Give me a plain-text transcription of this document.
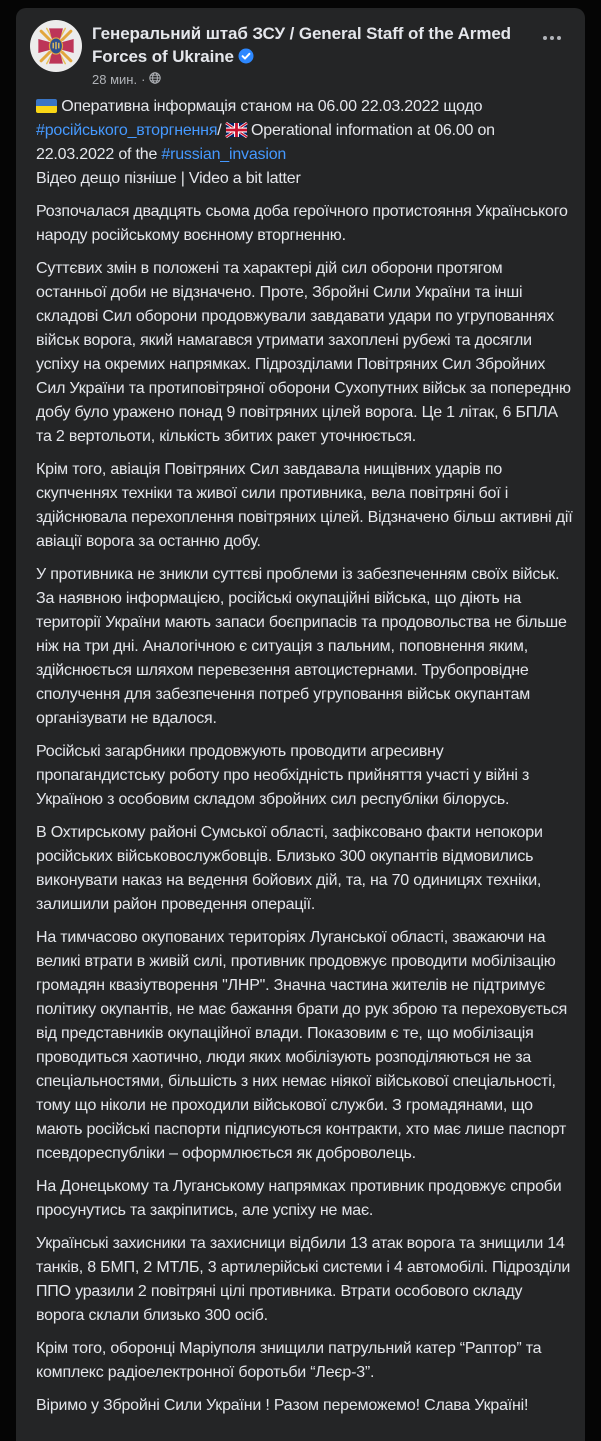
Генеральний штаб ЗСУ / General Staff of the Armed Forces of Ukraine
28 мин. ·

Оперативна інформація станом на 06.00 22.03.2022 щодо #російського_вторгнення/  Operational information at 06.00 on 22.03.2022 of the #russian_invasion

Відео дещо пізніше | Video a bit latter

Розпочалася двадцять сьома доба героїчного протистояння Українського народу російському воєнному вторгненню.

Суттєвих змін в положені та характері дій сил оборони протягом останньої доби не відзначено. Проте, Збройні Сили України та інші складові Сил оборони продовжували завдавати удари по угрупованнях військ ворога, який намагався утримати захоплені рубежі та досягли успіху на окремих напрямках. Підрозділами Повітряних Сил Збройних Сил України та протиповітряної оборони Сухопутних військ за попередню добу було уражено понад 9 повітряних цілей ворога. Це 1 літак, 6 БПЛА та 2 вертольоти, кількість збитих ракет уточнюється.

Крім того, авіація Повітряних Сил завдавала нищівних ударів по скупченнях техніки та живої сили противника, вела повітряні бої і здійснювала перехоплення повітряних цілей. Відзначено більш активні дії авіації ворога за останню добу.

У противника не зникли суттєві проблеми із забезпеченням своїх військ. За наявною інформацією, російські окупаційні війська, що діють на території України мають запаси боєприпасів та продовольства не більше ніж на три дні. Аналогічною є ситуація з пальним, поповнення яким, здійснюється шляхом перевезення автоцистернами. Трубопровідне сполучення для забезпечення потреб угруповання військ окупантам організувати не вдалося.

Російські загарбники продовжують проводити агресивну пропагандистську роботу про необхідність прийняття участі у війні з Україною з особовим складом збройних сил республіки білорусь.

В Охтирському районі Сумської області, зафіксовано факти непокори російських військовослужбовців. Близько 300 окупантів відмовились виконувати наказ на ведення бойових дій, та, на 70 одиницях техніки, залишили район проведення операції.

На тимчасово окупованих територіях Луганської області, зважаючи на великі втрати в живій силі, противник продовжує проводити мобілізацію громадян квазіутворення "ЛНР". Значна частина жителів не підтримує політику окупантів, не має бажання брати до рук зброю та переховується від представників окупаційної влади. Показовим є те, що мобілізація проводиться хаотично, люди яких мобілізують розподіляються не за спеціальностями, більшість з них немає ніякої військової спеціальності, тому що ніколи не проходили військової служби. З громадянами, що мають російські паспорти підписуються контракти, хто має лише паспорт псевдореспубліки – оформлюється як доброволець.

На Донецькому та Луганському напрямках противник продовжує спроби просунутись та закріпитись, але успіху не має.

Українські захисники та захисници відбили 13 атак ворога та знищили 14 танків, 8 БМП, 2 МТЛБ, 3 артилерійські системи і 4 автомобілі. Підрозділи ППО уразили 2 повітряні цілі противника. Втрати особового складу ворога склали близько 300 осіб.

Крім того, оборонці Маріуполя знищили патрульний катер “Раптор” та комплекс радіоелектронної боротьби “Леєр-3”.

Віримо у Збройні Сили України ! Разом переможемо! Слава Україні!
